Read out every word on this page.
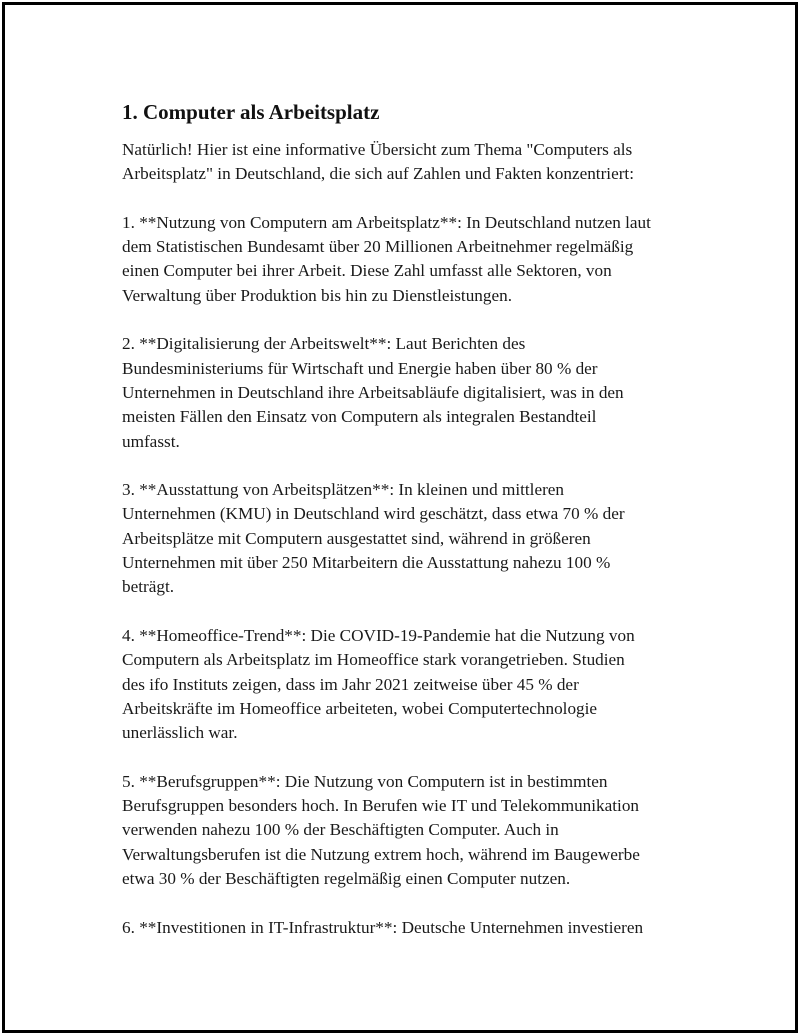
1. Computer als Arbeitsplatz

Natürlich! Hier ist eine informative Übersicht zum Thema "Computers als
Arbeitsplatz" in Deutschland, die sich auf Zahlen und Fakten konzentriert:

1. **Nutzung von Computern am Arbeitsplatz**: In Deutschland nutzen laut
dem Statistischen Bundesamt über 20 Millionen Arbeitnehmer regelmäßig
einen Computer bei ihrer Arbeit. Diese Zahl umfasst alle Sektoren, von
Verwaltung über Produktion bis hin zu Dienstleistungen.

2. **Digitalisierung der Arbeitswelt**: Laut Berichten des
Bundesministeriums für Wirtschaft und Energie haben über 80 % der
Unternehmen in Deutschland ihre Arbeitsabläufe digitalisiert, was in den
meisten Fällen den Einsatz von Computern als integralen Bestandteil
umfasst.

3. **Ausstattung von Arbeitsplätzen**: In kleinen und mittleren
Unternehmen (KMU) in Deutschland wird geschätzt, dass etwa 70 % der
Arbeitsplätze mit Computern ausgestattet sind, während in größeren
Unternehmen mit über 250 Mitarbeitern die Ausstattung nahezu 100 %
beträgt.

4. **Homeoffice-Trend**: Die COVID-19-Pandemie hat die Nutzung von
Computern als Arbeitsplatz im Homeoffice stark vorangetrieben. Studien
des ifo Instituts zeigen, dass im Jahr 2021 zeitweise über 45 % der
Arbeitskräfte im Homeoffice arbeiteten, wobei Computertechnologie
unerlässlich war.

5. **Berufsgruppen**: Die Nutzung von Computern ist in bestimmten
Berufsgruppen besonders hoch. In Berufen wie IT und Telekommunikation
verwenden nahezu 100 % der Beschäftigten Computer. Auch in
Verwaltungsberufen ist die Nutzung extrem hoch, während im Baugewerbe
etwa 30 % der Beschäftigten regelmäßig einen Computer nutzen.

6. **Investitionen in IT-Infrastruktur**: Deutsche Unternehmen investieren
